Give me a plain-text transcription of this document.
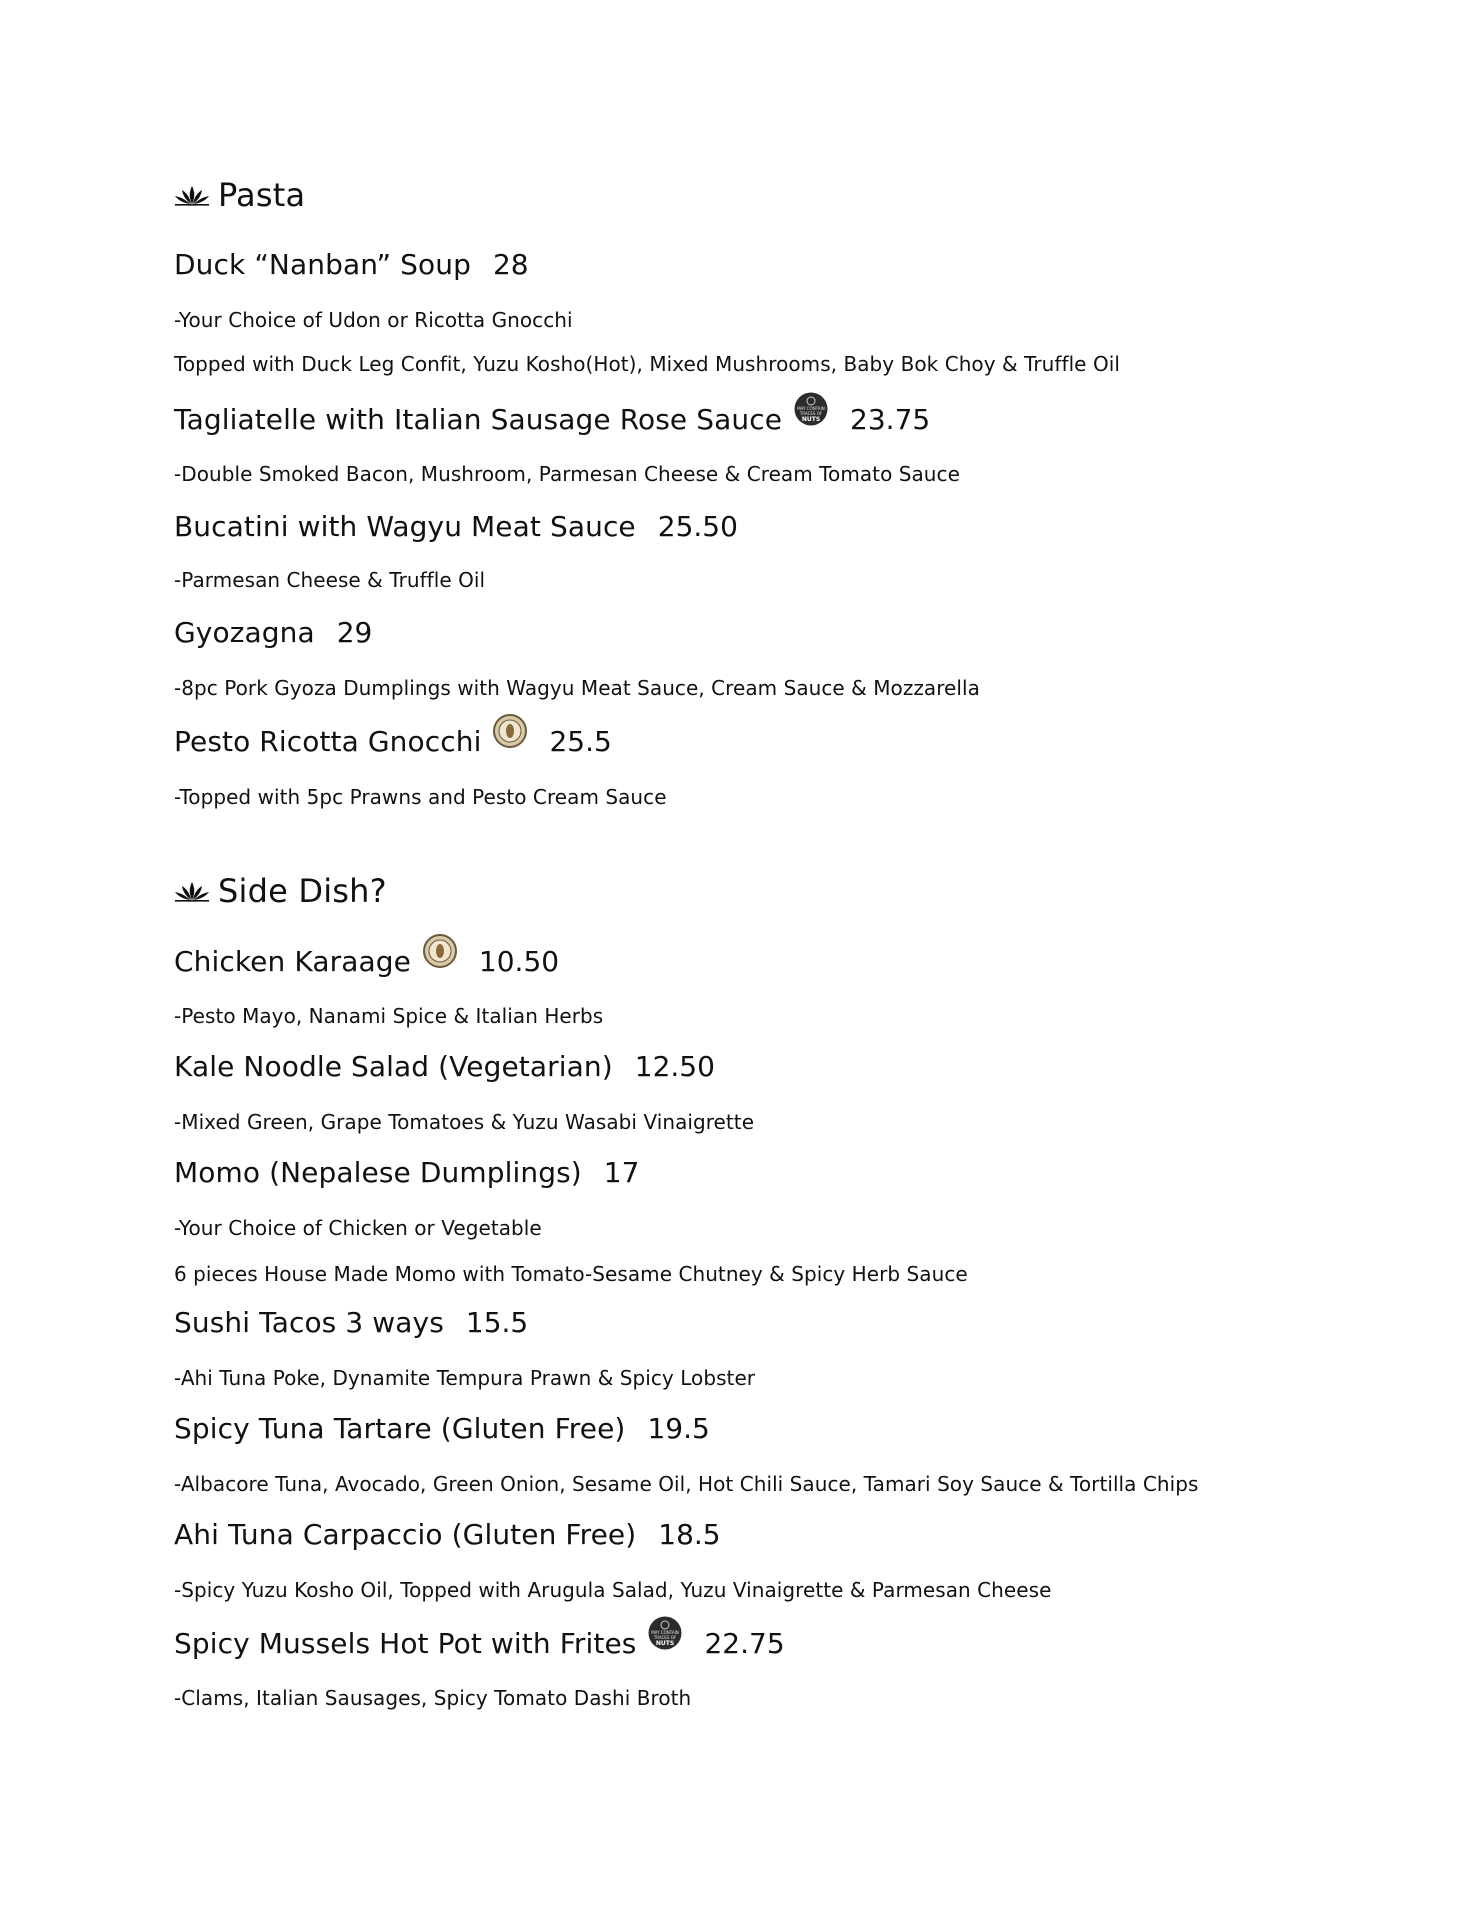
Pasta
Duck “Nanban” Soup 28
-Your Choice of Udon or Ricotta Gnocchi
Topped with Duck Leg Confit, Yuzu Kosho(Hot), Mixed Mushrooms, Baby Bok Choy & Truffle Oil
Tagliatelle with Italian Sausage Rose Sauce	MAY CONTAIN
TRACES OF
NUTS 23.75
-Double Smoked Bacon, Mushroom, Parmesan Cheese & Cream Tomato Sauce
Bucatini with Wagyu Meat Sauce 25.50
-Parmesan Cheese & Truffle Oil
Gyozagna 29
-8pc Pork Gyoza Dumplings with Wagyu Meat Sauce, Cream Sauce & Mozzarella
Pesto Ricotta Gnocchi 25.5
-Topped with 5pc Prawns and Pesto Cream Sauce
Side Dish?
Chicken Karaage 10.50
-Pesto Mayo, Nanami Spice & Italian Herbs
Kale Noodle Salad (Vegetarian) 12.50
-Mixed Green, Grape Tomatoes & Yuzu Wasabi Vinaigrette
Momo (Nepalese Dumplings) 17
-Your Choice of Chicken or Vegetable
6 pieces House Made Momo with Tomato-Sesame Chutney & Spicy Herb Sauce
Sushi Tacos 3 ways 15.5
-Ahi Tuna Poke, Dynamite Tempura Prawn & Spicy Lobster
Spicy Tuna Tartare (Gluten Free) 19.5
-Albacore Tuna, Avocado, Green Onion, Sesame Oil, Hot Chili Sauce, Tamari Soy Sauce & Tortilla Chips
Ahi Tuna Carpaccio (Gluten Free) 18.5
-Spicy Yuzu Kosho Oil, Topped with Arugula Salad, Yuzu Vinaigrette & Parmesan Cheese
Spicy Mussels Hot Pot with Frites	MAY CONTAIN
TRACES OF
NUTS 22.75
-Clams, Italian Sausages, Spicy Tomato Dashi Broth
